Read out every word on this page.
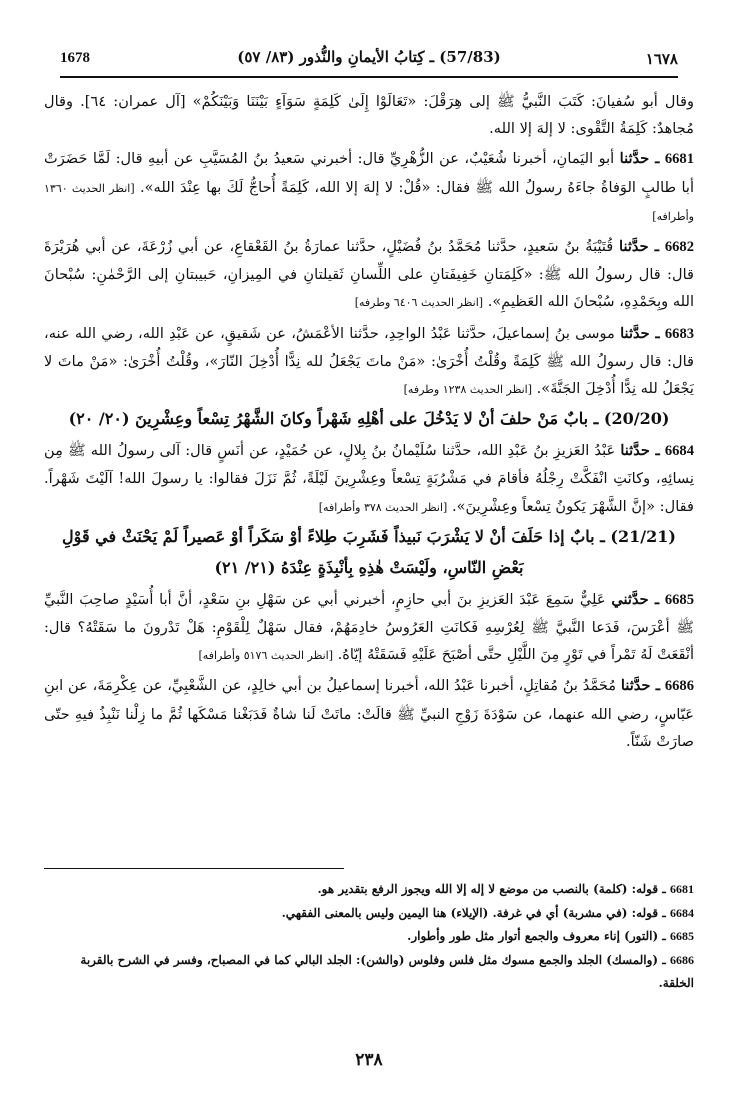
1678	(57/83) ـ كِتابُ الأيمانِ والنُّذور (٨٣/ ٥٧)	١٦٧٨

وقال أبو سُفيانَ: كَتَبَ النَّبيُّ ﷺ إلى هِرَقْلَ: «تَعَالَوْا إِلَىٰ كَلِمَةٍ سَوَآءٍ بَيْنَنَا وَبَيْنَكُمْ» [آل عمران: ٦٤]. وقال مُجاهدٌ: كَلِمَةُ التَّقْوى: لا إلهَ إلا الله.

6681 ـ حدَّثنا أبو اليَمانِ، أخبرنا شُعَيْبٌ، عن الزُّهْرِيِّ قال: أخبرني سَعيدُ بنُ المُسَيَّبِ عن أبيهِ قال: لَمَّا حَضَرَتْ أبا طالبٍ الوَفاةُ جاءَهُ رسولُ الله ﷺ فقال: «قُلْ: لا إلهَ إلا الله، كَلِمَةً أُحاجُّ لَكَ بها عِنْدَ الله». [انظر الحديث ١٣٦٠ وأطرافه]

6682 ـ حدَّثنا قُتَيْبَةُ بنُ سَعيدٍ، حدَّثنا مُحَمَّدُ بنُ فُضَيْلٍ، حدَّثنا عمارَةُ بنُ القَعْقاعِ، عن أبي زُرْعَةَ، عن أبي هُرَيْرَةَ قال: قال رسولُ الله ﷺ: «كَلِمَتانِ خَفِيفَتانِ على اللِّسانِ ثَقيلتانِ في المِيزانِ، حَبيبتانِ إلى الرَّحْمٰنِ: سُبْحانَ الله وبِحَمْدِهِ، سُبْحانَ الله العَظيمِ». [انظر الحديث ٦٤٠٦ وطرفه]

6683 ـ حدَّثنا موسى بنُ إسماعيلَ، حدَّثنا عَبْدُ الواحِدِ، حدَّثنا الأعْمَشُ، عن شَقيقٍ، عن عَبْدِ الله، رضي الله عنه، قال: قال رسولُ الله ﷺ كَلِمَةً وقُلْتُ أُخْرَىٰ: «مَنْ ماتَ يَجْعَلُ لله نِدًّا أُدْخِلَ النّارَ»، وقُلْتُ أُخْرَىٰ: «مَنْ ماتَ لا يَجْعَلُ لله نِدًّا أُدْخِلَ الجَنَّةَ». [انظر الحديث ١٢٣٨ وطرفه]

(20/20) ـ بابٌ مَنْ حلفَ أنْ لا يَدْخُلَ على أهْلِهِ شَهْراً وكانَ الشَّهْرُ تِسْعاً وعِشْرِينَ (٢٠/ ٢٠)

6684 ـ حدَّثنا عَبْدُ العَزيزِ بنُ عَبْدِ الله، حدَّثنا سُلَيْمانُ بنُ بِلالٍ، عن حُمَيْدٍ، عن أنَسٍ قال: آلى رسولُ الله ﷺ مِن نِسائِهِ، وكانَتِ انْفَكَّتْ رِجْلُهُ فأقامَ في مَشْرُبَةٍ تِسْعاً وعِشْرِينَ لَيْلَةً، ثُمَّ نَزَلَ فقالوا: يا رسولَ الله! آلَيْتَ شَهْراً. فقال: «إنَّ الشَّهْرَ يَكونُ تِسْعاً وعِشْرِينَ». [انظر الحديث ٣٧٨ وأطرافه]

(21/21) ـ بابٌ إذا حَلَفَ أنْ لا يَشْرَبَ نَبيذاً فَشَرِبَ طِلاءً أوْ سَكَراً أوْ عَصيراً لَمْ يَحْنَثْ في قَوْلِ بَعْضِ النّاسِ، ولَيْسَتْ هٰذِهِ بِأنْبِذَةٍ عِنْدَهُ (٢١/ ٢١)

6685 ـ حدَّثني عَلِيٌّ سَمِعَ عَبْدَ العَزيزِ بنَ أبي حازِمٍ، أخبرني أبي عن سَهْلِ بنِ سَعْدٍ، أنَّ أبا أُسَيْدٍ صاحِبَ النَّبيِّ ﷺ أعْرَسَ، فَدَعا النَّبيَّ ﷺ لِعُرْسِهِ فَكانَتِ العَرُوسُ خادِمَهُمْ، فقال سَهْلٌ لِلْقَوْمِ: هَلْ تَدْرونَ ما سَقَتْهُ؟ قال: أنْقَعَتْ لَهُ تَمْراً في تَوْرٍ مِنَ اللَّيْلِ حتَّى أصْبَحَ عَلَيْهِ فَسَقَتْهُ إيّاهُ. [انظر الحديث ٥١٧٦ وأطرافه]

6686 ـ حدَّثنا مُحَمَّدُ بنُ مُقاتِلٍ، أخبرنا عَبْدُ الله، أخبرنا إسماعيلُ بن أبي خالِدٍ، عن الشَّعْبِيِّ، عن عِكْرِمَةَ، عن ابنِ عَبّاسٍ، رضي الله عنهما، عن سَوْدَةَ زَوْجِ النبيِّ ﷺ قالَتْ: ماتَتْ لَنا شاةٌ فَدَبَغْنا مَسْكَها ثُمَّ ما زِلْنا نَنْبِذُ فيهِ حتّى صارَتْ شَنّاً.

6681 ـ قوله: (كلمة) بالنصب من موضع لا إله إلا الله ويجوز الرفع بتقدير هو.

6684 ـ قوله: (في مشربة) أي في غرفة. (الإيلاء) هنا اليمين وليس بالمعنى الفقهي.

6685 ـ (التور) إناء معروف والجمع أتوار مثل طور وأطوار.

6686 ـ (والمسك) الجلد والجمع مسوك مثل فلس وفلوس (والشن): الجلد البالي كما في المصباح، وفسر في الشرح بالقربة الخلقة.

٢٣٨
